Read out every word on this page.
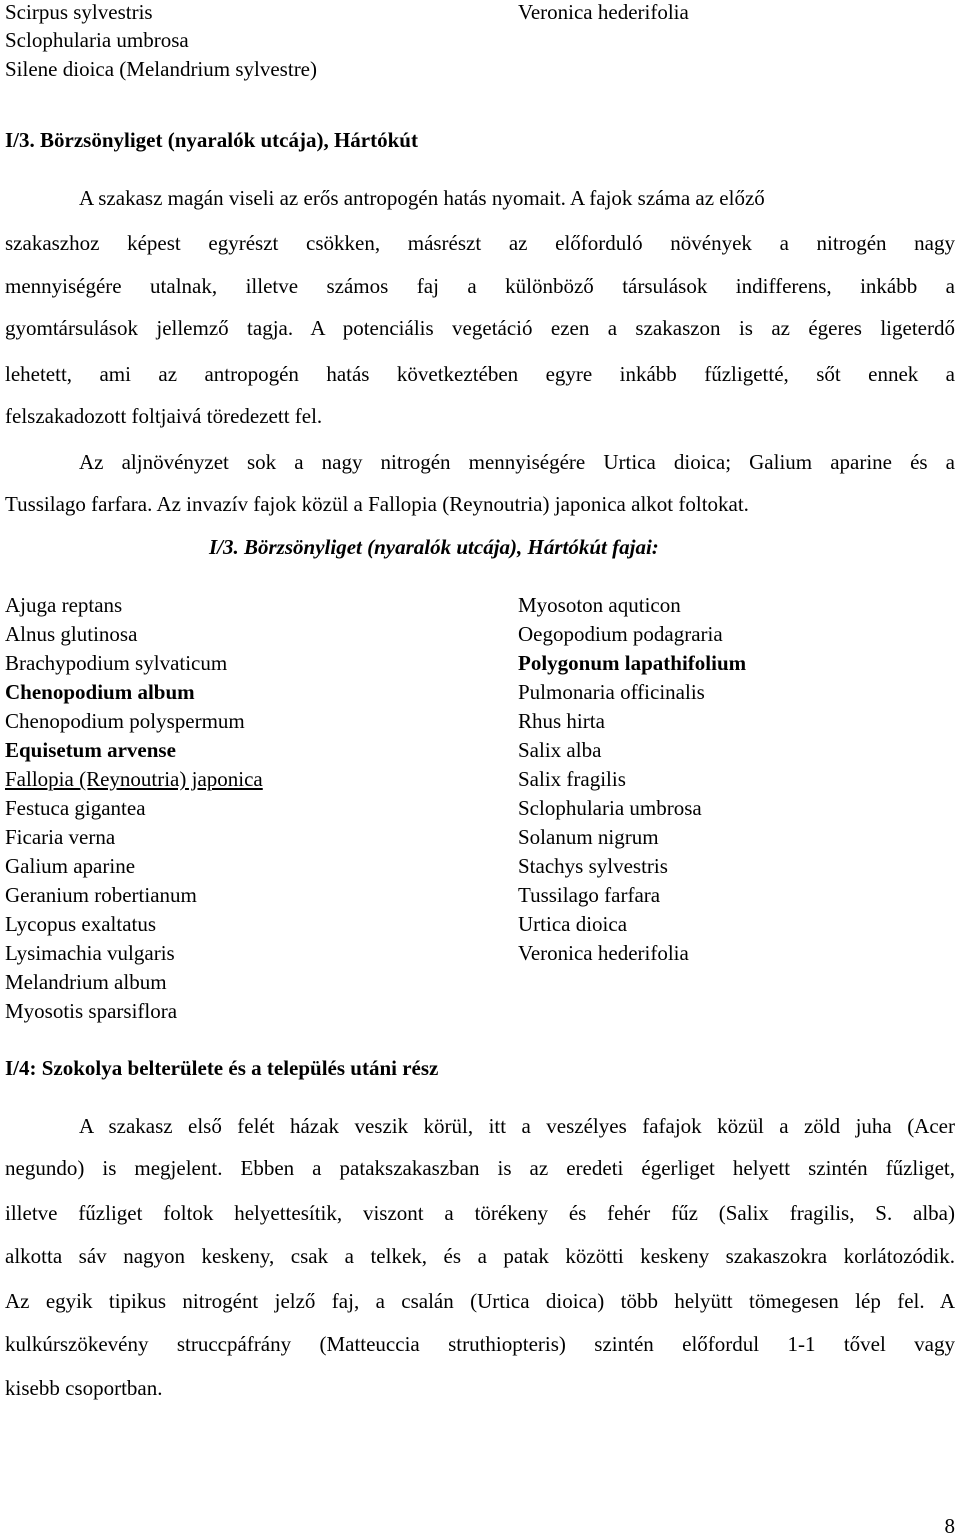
Scirpus sylvestris
Sclophularia umbrosa
Silene dioica (Melandrium sylvestre)
Veronica hederifolia
I/3. Börzsönyliget (nyaralók utcája), Hártókút
A szakasz magán viseli az erős antropogén hatás nyomait. A fajok száma az előző
szakaszhoz képest egyrészt csökken, másrészt az előforduló növények a nitrogén nagy
mennyiségére utalnak, illetve számos faj a különböző társulások indifferens, inkább a
gyomtársulások jellemző tagja. A potenciális vegetáció ezen a szakaszon is az égeres ligeterdő
lehetett, ami az antropogén hatás következtében egyre inkább fűzligetté, sőt ennek a
felszakadozott foltjaivá töredezett fel.
Az aljnövényzet sok a nagy nitrogén mennyiségére Urtica dioica; Galium aparine és a
Tussilago farfara. Az invazív fajok közül a Fallopia (Reynoutria) japonica alkot foltokat.
I/3. Börzsönyliget (nyaralók utcája), Hártókút fajai:
Ajuga reptans
Alnus glutinosa
Brachypodium sylvaticum
Chenopodium album
Chenopodium polyspermum
Equisetum arvense
Fallopia (Reynoutria) japonica
Festuca gigantea
Ficaria verna
Galium aparine
Geranium robertianum
Lycopus exaltatus
Lysimachia vulgaris
Melandrium album
Myosotis sparsiflora
Myosoton aquticon
Oegopodium podagraria
Polygonum lapathifolium
Pulmonaria officinalis
Rhus hirta
Salix alba
Salix fragilis
Sclophularia umbrosa
Solanum nigrum
Stachys sylvestris
Tussilago farfara
Urtica dioica
Veronica hederifolia
I/4: Szokolya belterülete és a település utáni rész
A szakasz első felét házak veszik körül, itt a veszélyes fafajok közül a zöld juha (Acer
negundo) is megjelent. Ebben a patakszakaszban is az eredeti égerliget helyett szintén fűzliget,
illetve fűzliget foltok helyettesítik, viszont a törékeny és fehér fűz (Salix fragilis, S. alba)
alkotta sáv nagyon keskeny, csak a telkek, és a patak közötti keskeny szakaszokra korlátozódik.
Az egyik tipikus nitrogént jelző faj, a csalán (Urtica dioica) több helyütt tömegesen lép fel. A
kulkúrszökevény struccpáfrány (Matteuccia struthiopteris) szintén előfordul 1-1 tővel vagy
kisebb csoportban.
8
